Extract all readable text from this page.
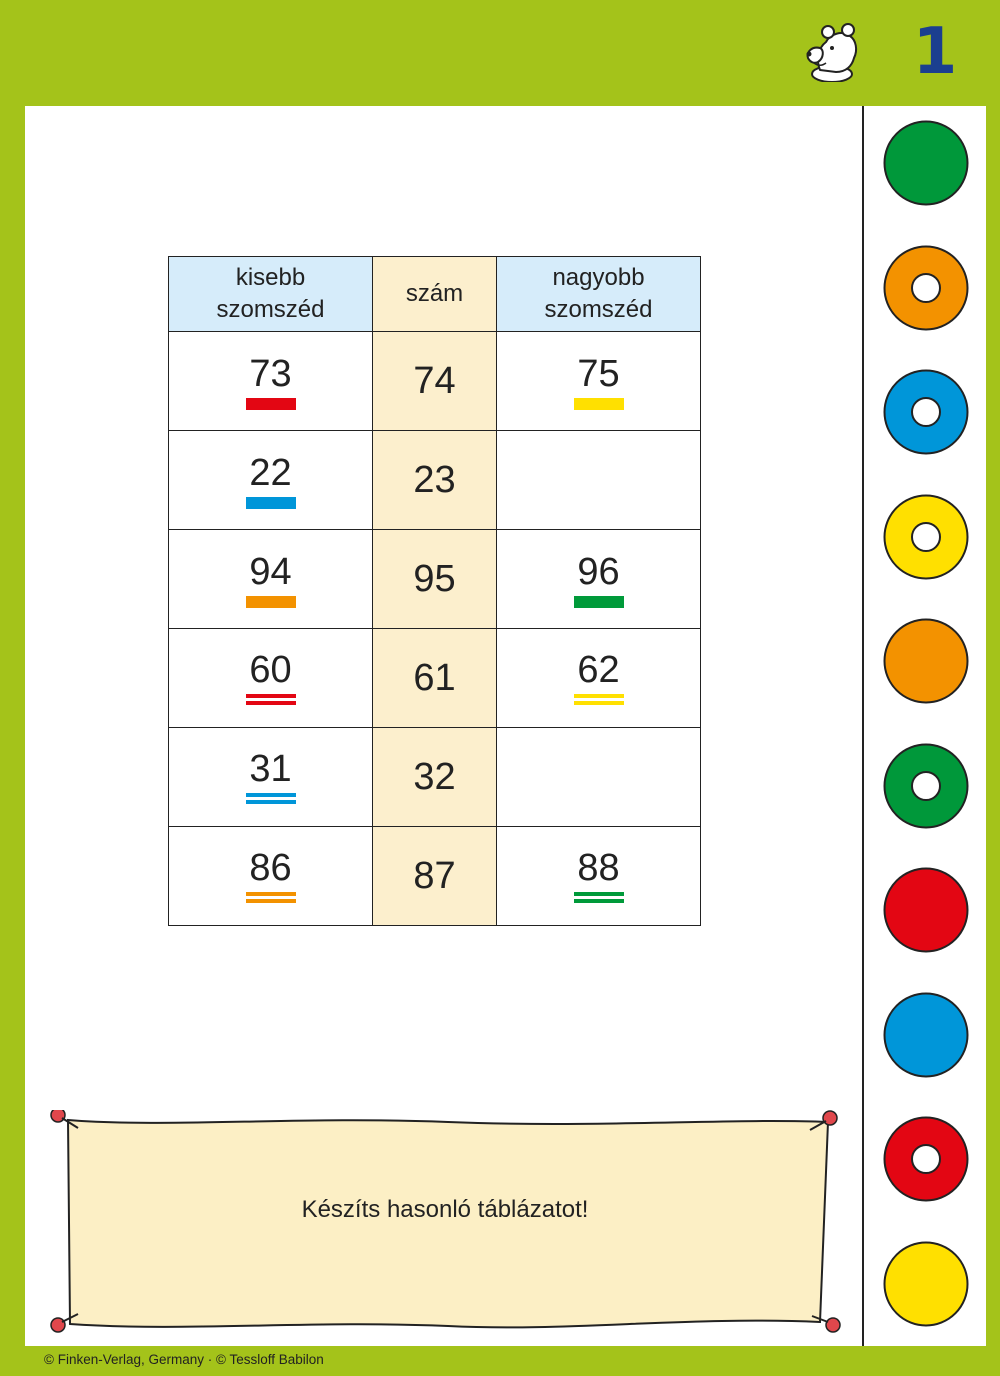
1
kisebb
szomszéd	szám	nagyobb
szomszéd
73	74	75

22	23	
94	95	96

60	61	62

31	32	
86	87	88
Készíts hasonló táblázatot!
© Finken-Verlag, Germany · © Tessloff Babilon
